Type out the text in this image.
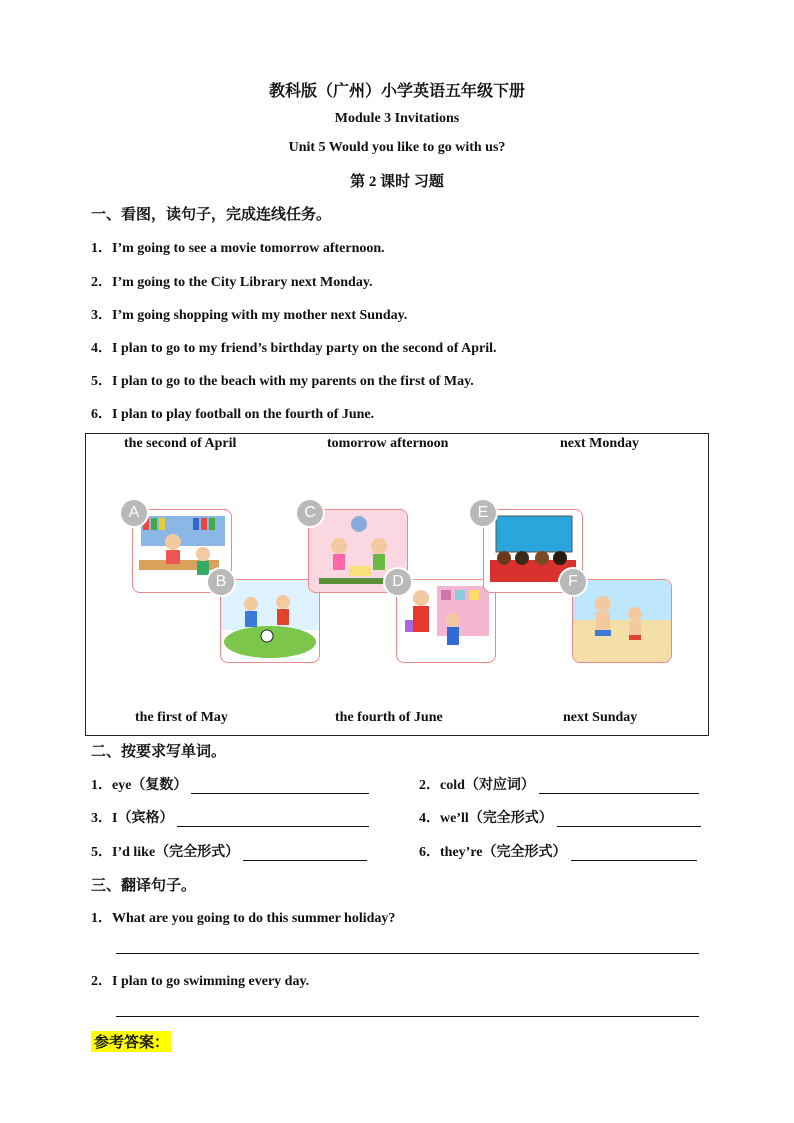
教科版（广州）小学英语五年级下册
Module 3 Invitations
Unit 5 Would you like to go with us?
第 2 课时 习题
一、看图，读句子，完成连线任务。
1．I’m going to see a movie tomorrow afternoon.
2．I’m going to the City Library next Monday.
3．I’m going shopping with my mother next Sunday.
4．I plan to go to my friend’s birthday party on the second of April.
5．I plan to go to the beach with my parents on the first of May.
6．I plan to play football on the fourth of June.
the second of April	tomorrow afternoon	next Monday
A
B
C
D
E
F
the first of May	the fourth of June	next Sunday
二、按要求写单词。
1．eye（复数）	2．cold（对应词）
3．I（宾格）	4．we’ll（完全形式）
5．I’d like（完全形式）	6．they’re（完全形式）
三、翻译句子。
1．What are you going to do this summer holiday?
2．I plan to go swimming every day.
参考答案：
